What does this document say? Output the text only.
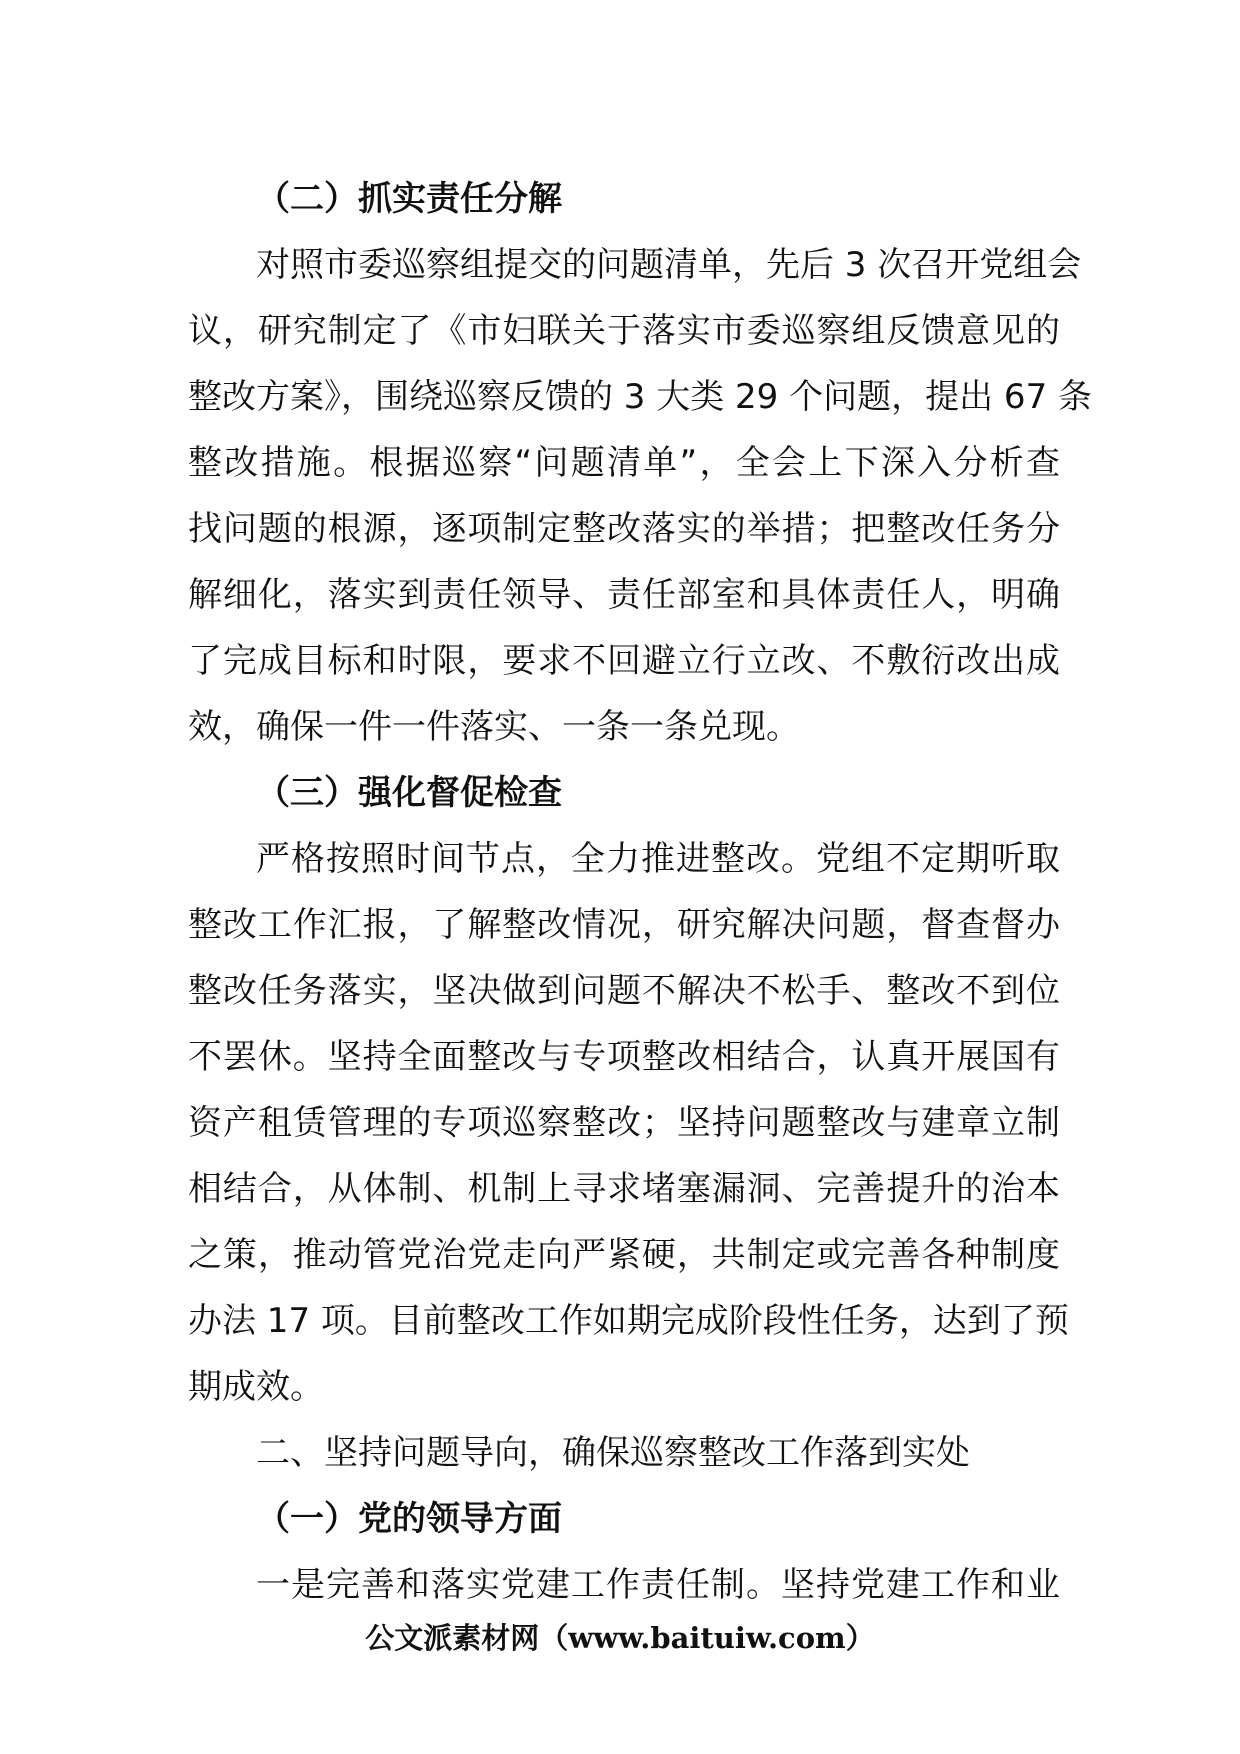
（二）抓实责任分解
对照市委巡察组提交的问题清单，先后 3 次召开党组会
议，研究制定了《市妇联关于落实市委巡察组反馈意见的
整改方案》，围绕巡察反馈的 3 大类 29 个问题，提出 67 条
整改措施。根据巡察“问题清单”，全会上下深入分析查
找问题的根源，逐项制定整改落实的举措；把整改任务分
解细化，落实到责任领导、责任部室和具体责任人，明确
了完成目标和时限，要求不回避立行立改、不敷衍改出成
效，确保一件一件落实、一条一条兑现。
（三）强化督促检查
严格按照时间节点，全力推进整改。党组不定期听取
整改工作汇报，了解整改情况，研究解决问题，督查督办
整改任务落实，坚决做到问题不解决不松手、整改不到位
不罢休。坚持全面整改与专项整改相结合，认真开展国有
资产租赁管理的专项巡察整改；坚持问题整改与建章立制
相结合，从体制、机制上寻求堵塞漏洞、完善提升的治本
之策，推动管党治党走向严紧硬，共制定或完善各种制度
办法 17 项。目前整改工作如期完成阶段性任务，达到了预
期成效。
二、坚持问题导向，确保巡察整改工作落到实处
（一）党的领导方面
一是完善和落实党建工作责任制。坚持党建工作和业
公文派素材网（www.baituiw.com）
